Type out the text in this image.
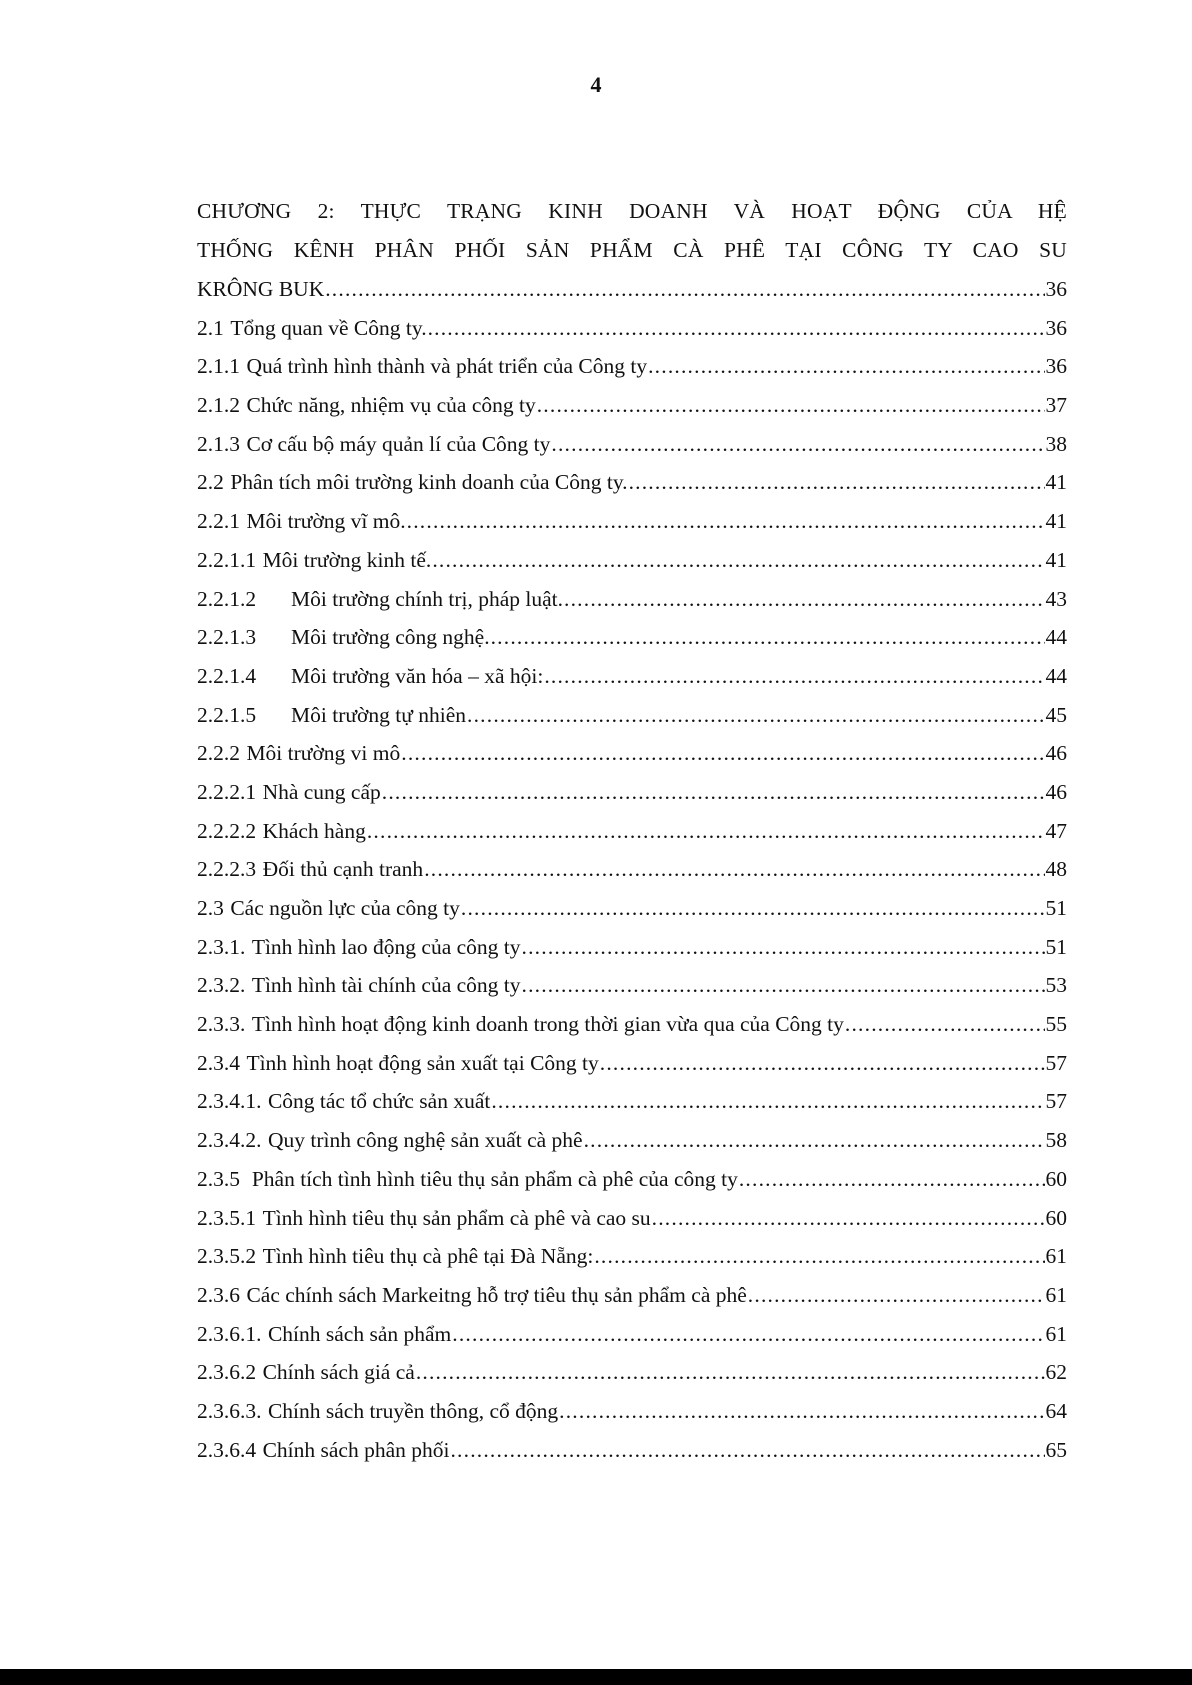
4
CHƯƠNG 2: THỰC TRẠNG KINH DOANH VÀ HOẠT ĐỘNG CỦA HỆ
THỐNG KÊNH PHÂN PHỐI SẢN PHẨM CÀ PHÊ TẠI CÔNG TY CAO SU
KRÔNG BUK .....	36
2.1 Tổng quan về Công ty. .....	36
2.1.1 Quá trình hình thành và phát triển của Công ty .....	36
2.1.2 Chức năng, nhiệm vụ của công ty .....	37
2.1.3 Cơ cấu bộ máy quản lí của Công ty .....	38
2.2 Phân tích môi trường kinh doanh của Công ty. .....	41
2.2.1 Môi trường vĩ mô. .....	41
2.2.1.1 Môi trường kinh tế. .....	41
2.2.1.2 Môi trường chính trị, pháp luật. .....	43
2.2.1.3 Môi trường công nghệ. .....	44
2.2.1.4 Môi trường văn hóa – xã hội: .....	44
2.2.1.5 Môi trường tự nhiên .....	45
2.2.2 Môi trường vi mô .....	46
2.2.2.1 Nhà cung cấp .....	46
2.2.2.2 Khách hàng .....	47
2.2.2.3 Đối thủ cạnh tranh .....	48
2.3 Các nguồn lực của công ty .....	51
2.3.1. Tình hình lao động của công ty .....	51
2.3.2. Tình hình tài chính của công ty .....	53
2.3.3. Tình hình hoạt động kinh doanh trong thời gian vừa qua của Công ty .....	55
2.3.4 Tình hình hoạt động sản xuất tại Công ty .....	57
2.3.4.1. Công tác tổ chức sản xuất .....	57
2.3.4.2. Quy trình công nghệ sản xuất cà phê .....	58
2.3.5 Phân tích tình hình tiêu thụ sản phẩm cà phê của công ty .....	60
2.3.5.1 Tình hình tiêu thụ sản phẩm cà phê và cao su .....	60
2.3.5.2 Tình hình tiêu thụ cà phê tại Đà Nẵng: .....	61
2.3.6 Các chính sách Markeitng hỗ trợ tiêu thụ sản phẩm cà phê .....	61
2.3.6.1. Chính sách sản phẩm .....	61
2.3.6.2 Chính sách giá cả .....	62
2.3.6.3. Chính sách truyền thông, cổ động .....	64
2.3.6.4 Chính sách phân phối .....	65
